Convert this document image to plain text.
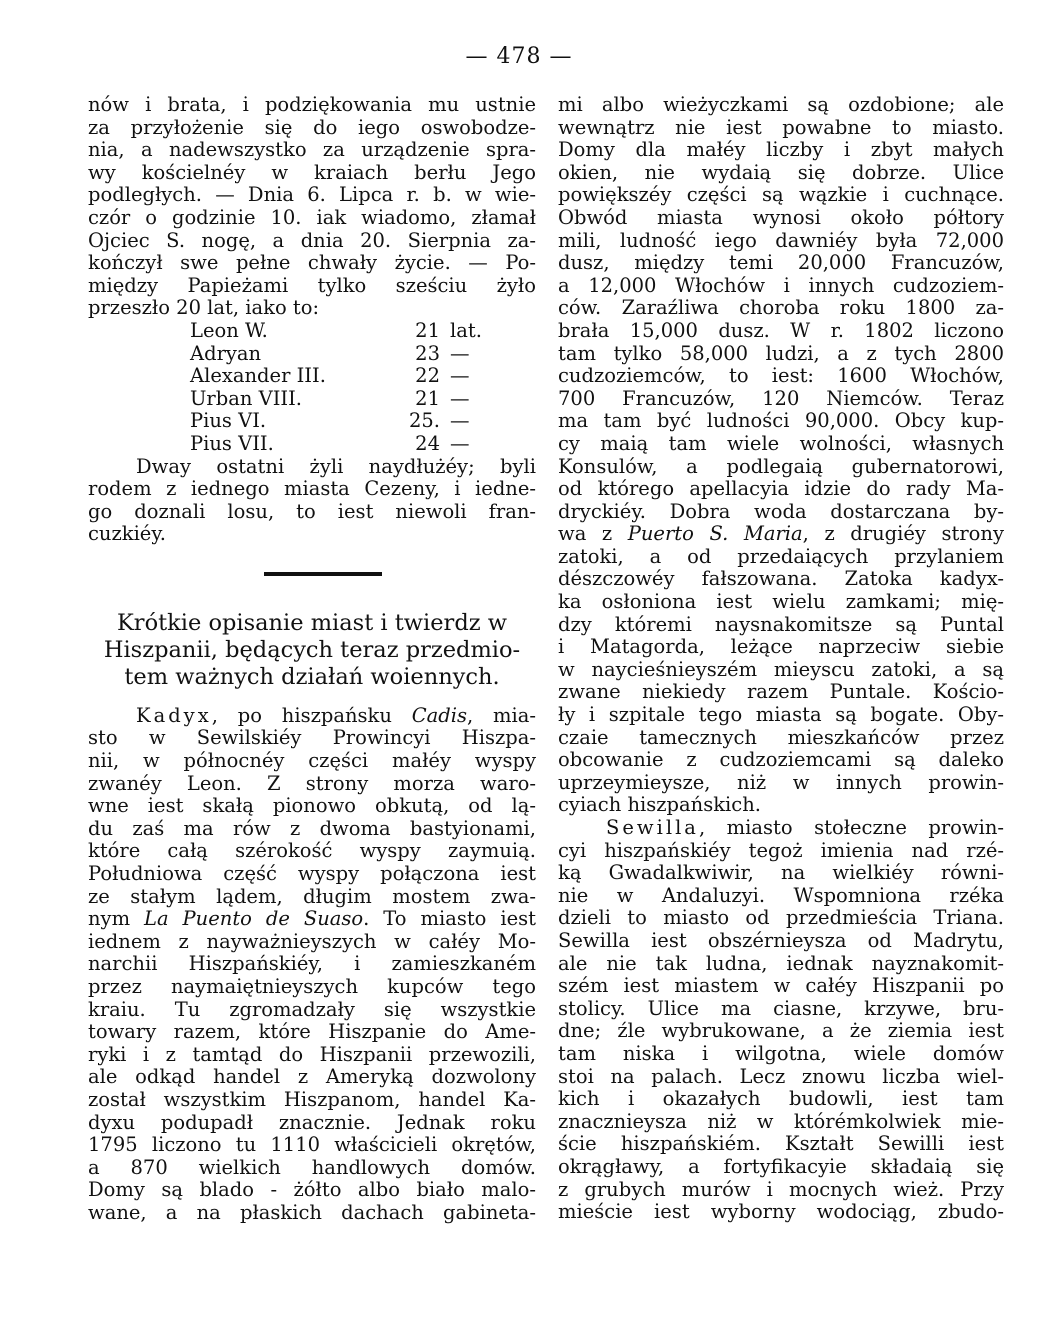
— 478 —
nów i brata, i podziękowania mu ustnie
za przyłożenie się do iego oswobodze-
nia, a nadewszystko za urządzenie spra-
wy kościelnéy w kraiach berłu Jego
podległych. — Dnia 6. Lipca r. b. w wie-
czór o godzinie 10. iak wiadomo, złamał
Ojciec S. nogę, a dnia 20. Sierpnia za-
kończył swe pełne chwały życie. — Po-
między Papieżami tylko sześciu żyło
przeszło 20 lat, iako to:
Leon W.	21 lat.
Adryan	23 —
Alexander III.	22 —
Urban VIII.	21 —
Pius VI.	25. —
Pius VII.	24 —
Dway ostatni żyli naydłużéy; byli
rodem z iednego miasta Cezeny, i iedne-
go doznali losu, to iest niewoli fran-
cuzkiéy.
Krótkie opisanie miast i twierdz w
Hiszpanii, będących teraz przedmio-
tem ważnych działań woiennych.
Kadyx, po hiszpańsku Cadis, mia-
sto w Sewilskiéy Prowincyi Hiszpa-
nii, w północnéy części małéy wyspy
zwanéy Leon. Z strony morza waro-
wne iest skałą pionowo obkutą, od lą-
du zaś ma rów z dwoma bastyionami,
które całą szérokość wyspy zaymuią.
Południowa część wyspy połączona iest
ze stałym lądem, długim mostem zwa-
nym La Puento de Suaso. To miasto iest
iednem z nayważnieyszych w całéy Mo-
narchii Hiszpańskiéy, i zamieszkaném
przez naymaiętnieyszych kupców tego
kraiu. Tu zgromadzały się wszystkie
towary razem, które Hiszpanie do Ame-
ryki i z tamtąd do Hiszpanii przewozili,
ale odkąd handel z Ameryką dozwolony
został wszystkim Hiszpanom, handel Ka-
dyxu podupadł znacznie. Jednak roku
1795 liczono tu 1110 właścicieli okrętów,
a 870 wielkich handlowych domów.
Domy są blado - żółto albo biało malo-
wane, a na płaskich dachach gabineta-
mi albo wieżyczkami są ozdobione; ale
wewnątrz nie iest powabne to miasto.
Domy dla małéy liczby i zbyt małych
okien, nie wydaią się dobrze. Ulice
powiększéy części są wązkie i cuchnące.
Obwód miasta wynosi około półtory
mili, ludność iego dawniéy była 72,000
dusz, między temi 20,000 Francuzów,
a 12,000 Włochów i innych cudzoziem-
ców. Zaraźliwa choroba roku 1800 za-
brała 15,000 dusz. W r. 1802 liczono
tam tylko 58,000 ludzi, a z tych 2800
cudzoziemców, to iest: 1600 Włochów,
700 Francuzów, 120 Niemców. Teraz
ma tam być ludności 90,000. Obcy kup-
cy maią tam wiele wolności, własnych
Konsulów, a podlegaią gubernatorowi,
od którego apellacyia idzie do rady Ma-
dryckiéy. Dobra woda dostarczana by-
wa z Puerto S. Maria, z drugiéy strony
zatoki, a od przedaiących przylaniem
dészczowéy fałszowana. Zatoka kadyx-
ka osłoniona iest wielu zamkami; mię-
dzy któremi naysnakomitsze są Puntal
i Matagorda, leżące naprzeciw siebie
w naycieśnieyszém mieyscu zatoki, a są
zwane niekiedy razem Puntale. Kościo-
ły i szpitale tego miasta są bogate. Oby-
czaie tamecznych mieszkańców przez
obcowanie z cudzoziemcami są daleko
uprzeymieysze, niż w innych prowin-
cyiach hiszpańskich.
Sewilla, miasto stołeczne prowin-
cyi hiszpańskiéy tegoż imienia nad rzé-
ką Gwadalkwiwir, na wielkiéy równi-
nie w Andaluzyi. Wspomniona rzéka
dzieli to miasto od przedmieścia Triana.
Sewilla iest obszérnieysza od Madrytu,
ale nie tak ludna, iednak nayznakomit-
szém iest miastem w całéy Hiszpanii po
stolicy. Ulice ma ciasne, krzywe, bru-
dne; źle wybrukowane, a że ziemia iest
tam niska i wilgotna, wiele domów
stoi na palach. Lecz znowu liczba wiel-
kich i okazałych budowli, iest tam
znacznieysza niż w którémkolwiek mie-
ście hiszpańskiém. Kształt Sewilli iest
okrągławy, a fortyfikacyie składaią się
z grubych murów i mocnych wież. Przy
mieście iest wyborny wodociąg, zbudo-
